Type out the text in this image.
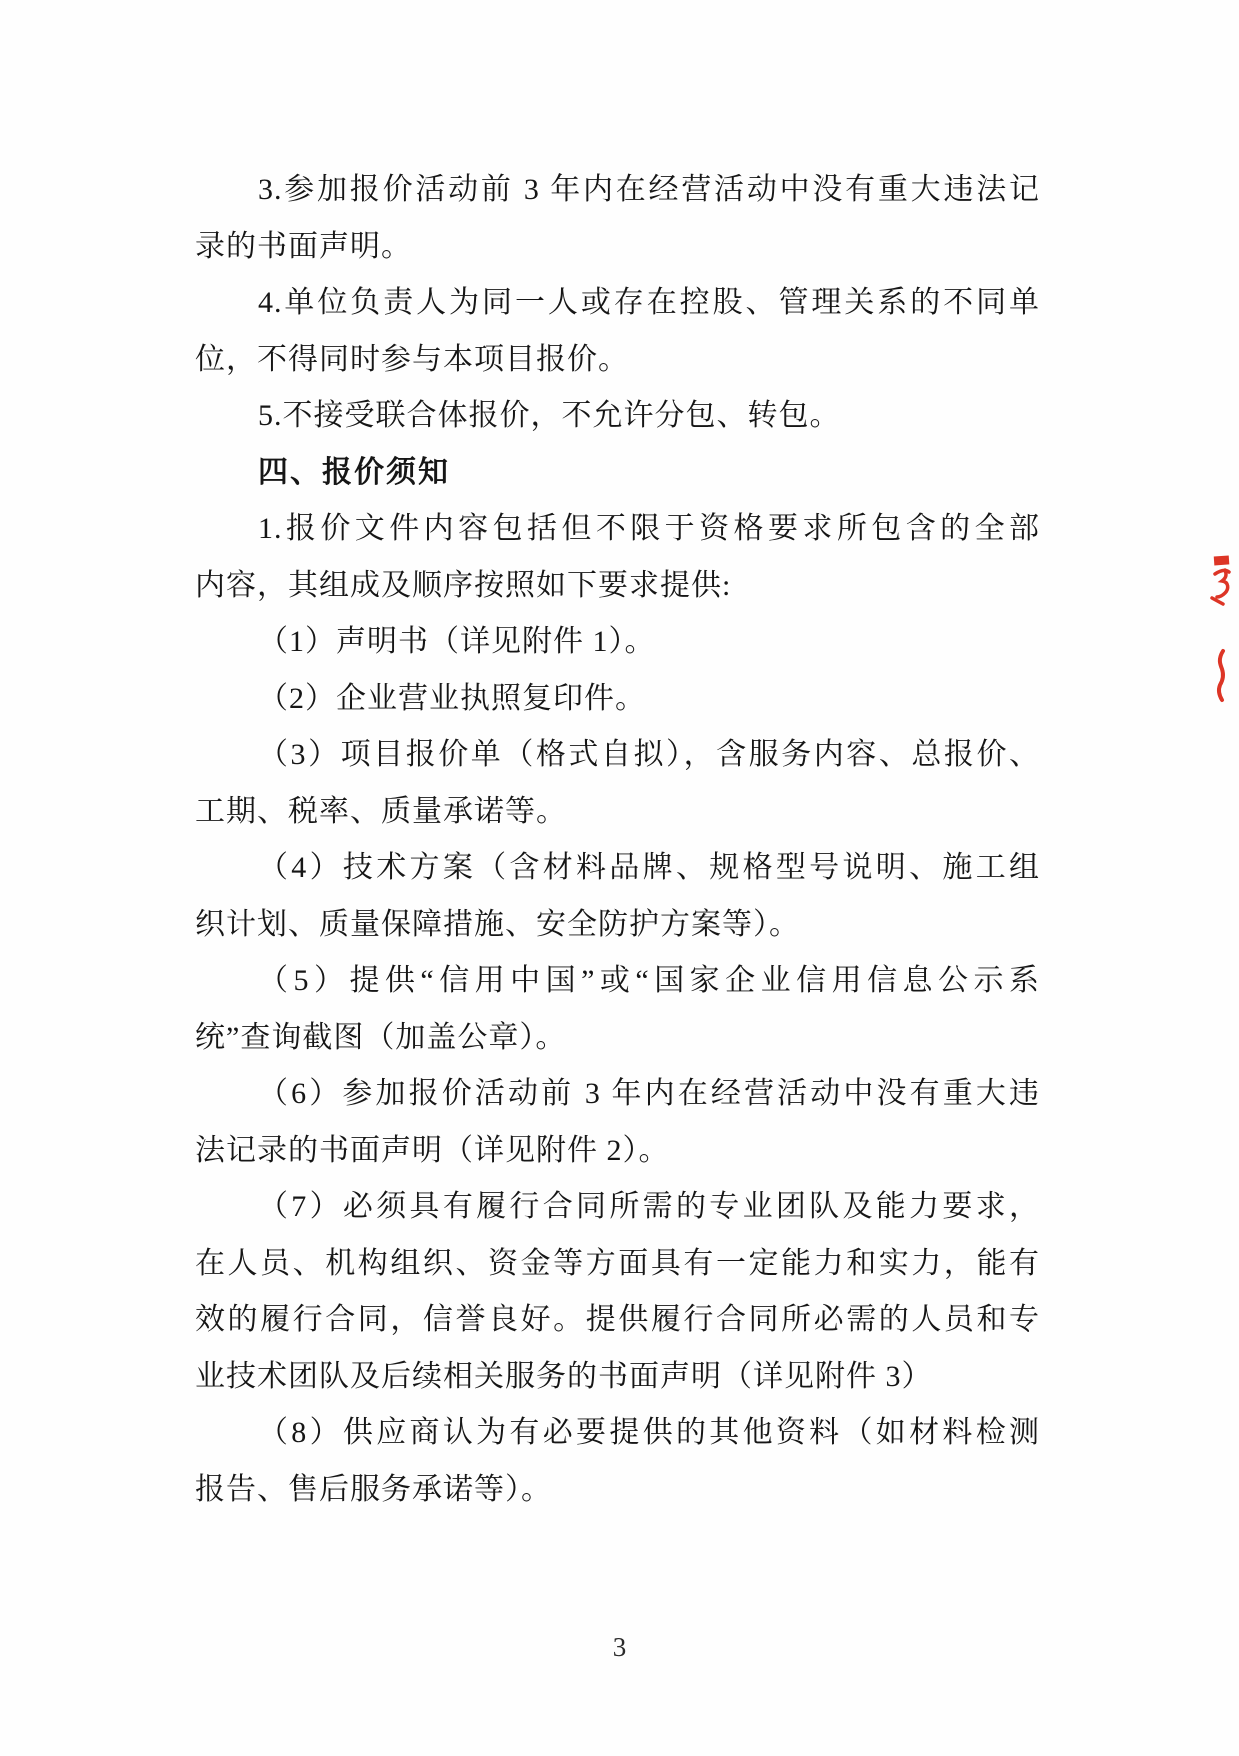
3.参加报价活动前 3 年内在经营活动中没有重大违法记
录的书面声明。
4.单位负责人为同一人或存在控股、管理关系的不同单
位，不得同时参与本项目报价。
5.不接受联合体报价，不允许分包、转包。
四、报价须知
1.报价文件内容包括但不限于资格要求所包含的全部
内容，其组成及顺序按照如下要求提供:
（1）声明书（详见附件 1）。
（2）企业营业执照复印件。
（3）项目报价单（格式自拟），含服务内容、总报价、
工期、税率、质量承诺等。
（4）技术方案（含材料品牌、规格型号说明、施工组
织计划、质量保障措施、安全防护方案等）。
（5）提供“信用中国”或“国家企业信用信息公示系
统”查询截图（加盖公章）。
（6）参加报价活动前 3 年内在经营活动中没有重大违
法记录的书面声明（详见附件 2）。
（7）必须具有履行合同所需的专业团队及能力要求，
在人员、机构组织、资金等方面具有一定能力和实力，能有
效的履行合同，信誉良好。提供履行合同所必需的人员和专
业技术团队及后续相关服务的书面声明（详见附件 3）
（8）供应商认为有必要提供的其他资料（如材料检测
报告、售后服务承诺等）。
3
